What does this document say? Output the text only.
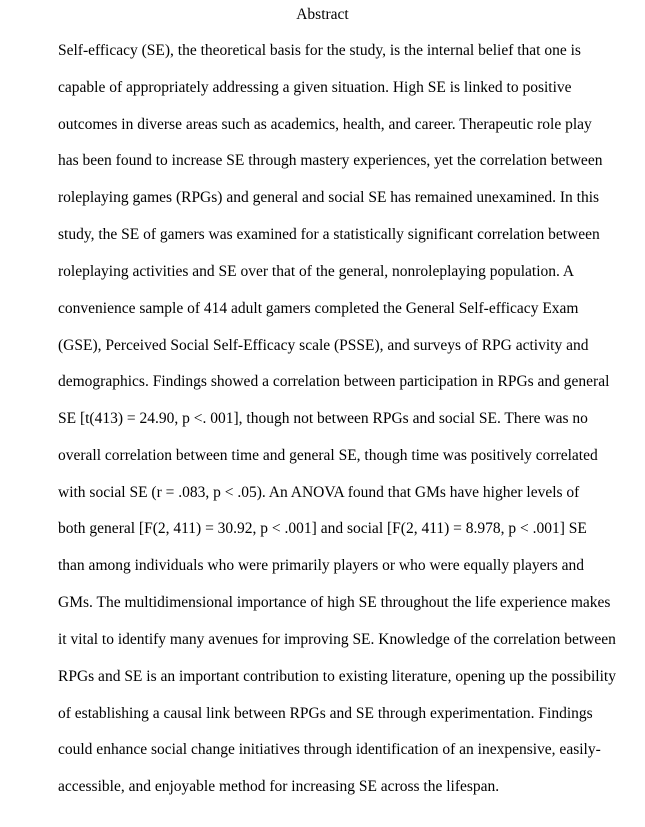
Abstract
Self-efficacy (SE), the theoretical basis for the study, is the internal belief that one is
capable of appropriately addressing a given situation. High SE is linked to positive
outcomes in diverse areas such as academics, health, and career. Therapeutic role play
has been found to increase SE through mastery experiences, yet the correlation between
roleplaying games (RPGs) and general and social SE has remained unexamined. In this
study, the SE of gamers was examined for a statistically significant correlation between
roleplaying activities and SE over that of the general, nonroleplaying population. A
convenience sample of 414 adult gamers completed the General Self-efficacy Exam
(GSE), Perceived Social Self-Efficacy scale (PSSE), and surveys of RPG activity and
demographics. Findings showed a correlation between participation in RPGs and general
SE [t(413) = 24.90, p <. 001], though not between RPGs and social SE. There was no
overall correlation between time and general SE, though time was positively correlated
with social SE (r = .083, p < .05). An ANOVA found that GMs have higher levels of
both general [F(2, 411) = 30.92, p < .001] and social [F(2, 411) = 8.978, p < .001] SE
than among individuals who were primarily players or who were equally players and
GMs. The multidimensional importance of high SE throughout the life experience makes
it vital to identify many avenues for improving SE. Knowledge of the correlation between
RPGs and SE is an important contribution to existing literature, opening up the possibility
of establishing a causal link between RPGs and SE through experimentation. Findings
could enhance social change initiatives through identification of an inexpensive, easily-
accessible, and enjoyable method for increasing SE across the lifespan.
